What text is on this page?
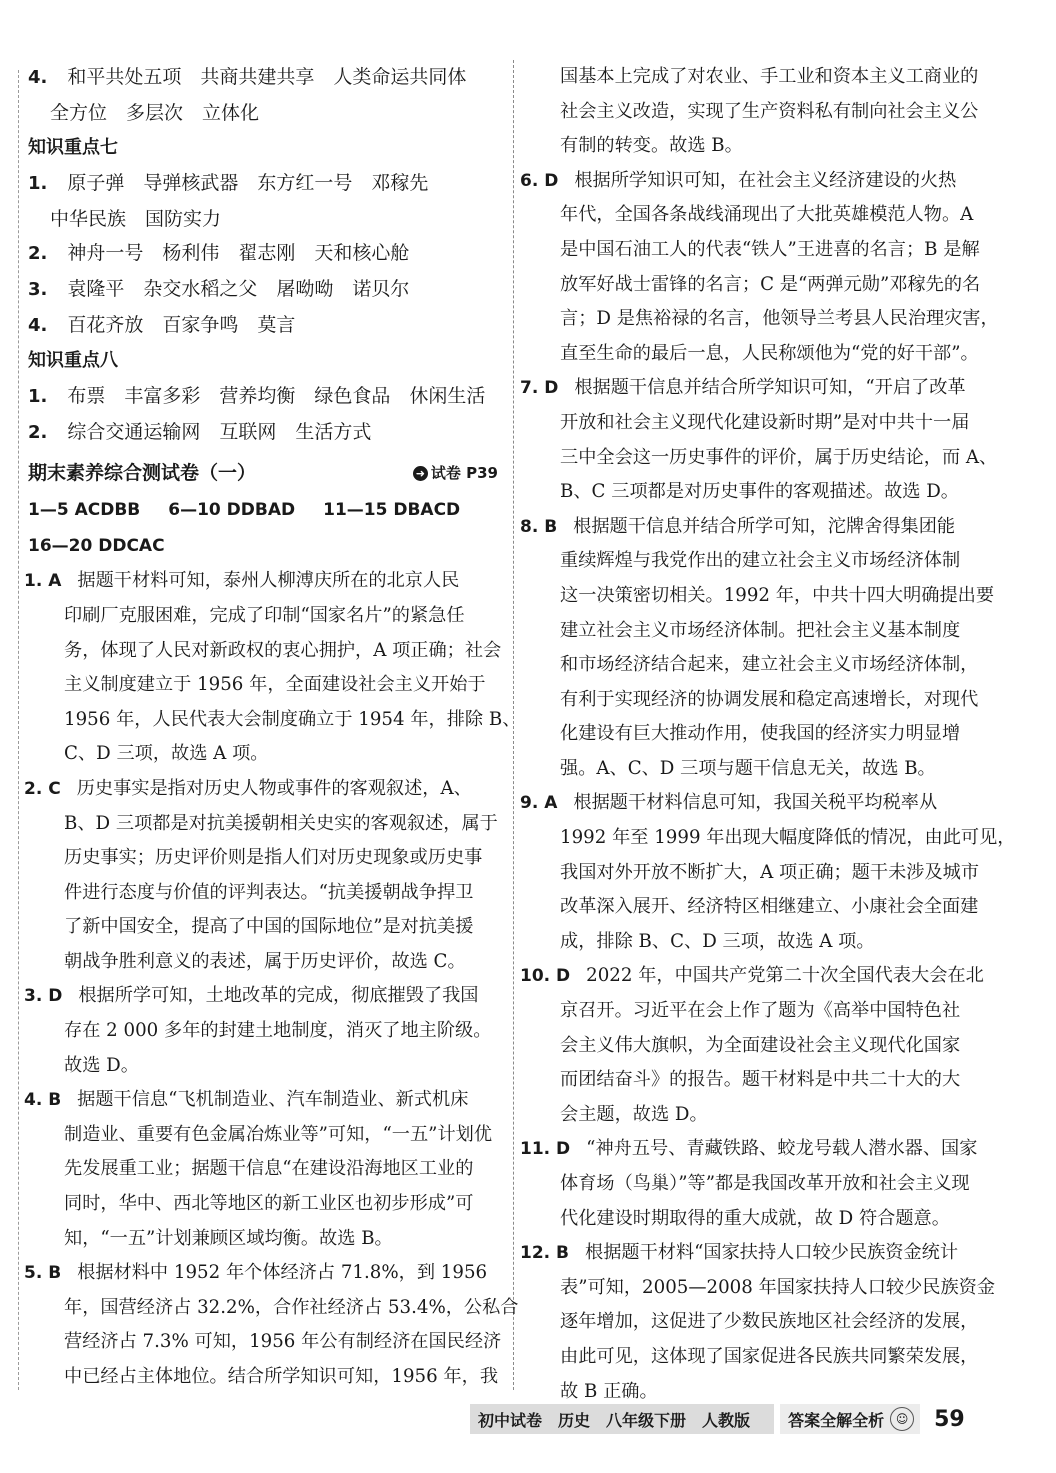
4. 和平共处五项　共商共建共享　人类命运共同体
全方位　多层次　立体化
知识重点七
1. 原子弹　导弹核武器　东方红一号　邓稼先
中华民族　国防实力
2. 神舟一号　杨利伟　翟志刚　天和核心舱
3. 袁隆平　杂交水稻之父　屠呦呦　诺贝尔
4. 百花齐放　百家争鸣　莫言
知识重点八
1. 布票　丰富多彩　营养均衡　绿色食品　休闲生活
2. 综合交通运输网　互联网　生活方式
期末素养综合测试卷（一）	➜ 试卷 P39
1—5 ACDBB 6—10 DDBAD 11—15 DBACD
16—20 DDCAC
1. A 据题干材料可知，泰州人柳溥庆所在的北京人民
印刷厂克服困难，完成了印制“国家名片”的紧急任
务，体现了人民对新政权的衷心拥护，A 项正确；社会
主义制度建立于 1956 年，全面建设社会主义开始于
1956 年，人民代表大会制度确立于 1954 年，排除 B、
C、D 三项，故选 A 项。
2. C 历史事实是指对历史人物或事件的客观叙述，A、
B、D 三项都是对抗美援朝相关史实的客观叙述，属于
历史事实；历史评价则是指人们对历史现象或历史事
件进行态度与价值的评判表达。“抗美援朝战争捍卫
了新中国安全，提高了中国的国际地位”是对抗美援
朝战争胜利意义的表述，属于历史评价，故选 C。
3. D 根据所学可知，土地改革的完成，彻底摧毁了我国
存在 2 000 多年的封建土地制度，消灭了地主阶级。
故选 D。
4. B 据题干信息“飞机制造业、汽车制造业、新式机床
制造业、重要有色金属冶炼业等”可知，“一五”计划优
先发展重工业；据题干信息“在建设沿海地区工业的
同时，华中、西北等地区的新工业区也初步形成”可
知，“一五”计划兼顾区域均衡。故选 B。
5. B 根据材料中 1952 年个体经济占 71.8%，到 1956
年，国营经济占 32.2%，合作社经济占 53.4%，公私合
营经济占 7.3% 可知，1956 年公有制经济在国民经济
中已经占主体地位。结合所学知识可知，1956 年，我
国基本上完成了对农业、手工业和资本主义工商业的
社会主义改造，实现了生产资料私有制向社会主义公
有制的转变。故选 B。
6. D 根据所学知识可知，在社会主义经济建设的火热
年代，全国各条战线涌现出了大批英雄模范人物。A
是中国石油工人的代表“铁人”王进喜的名言；B 是解
放军好战士雷锋的名言；C 是“两弹元勋”邓稼先的名
言；D 是焦裕禄的名言，他领导兰考县人民治理灾害，
直至生命的最后一息，人民称颂他为“党的好干部”。
7. D 根据题干信息并结合所学知识可知，“开启了改革
开放和社会主义现代化建设新时期”是对中共十一届
三中全会这一历史事件的评价，属于历史结论，而 A、
B、C 三项都是对历史事件的客观描述。故选 D。
8. B 根据题干信息并结合所学可知，沱牌舍得集团能
重续辉煌与我党作出的建立社会主义市场经济体制
这一决策密切相关。1992 年，中共十四大明确提出要
建立社会主义市场经济体制。把社会主义基本制度
和市场经济结合起来，建立社会主义市场经济体制，
有利于实现经济的协调发展和稳定高速增长，对现代
化建设有巨大推动作用，使我国的经济实力明显增
强。A、C、D 三项与题干信息无关，故选 B。
9. A 根据题干材料信息可知，我国关税平均税率从
1992 年至 1999 年出现大幅度降低的情况，由此可见，
我国对外开放不断扩大，A 项正确；题干未涉及城市
改革深入展开、经济特区相继建立、小康社会全面建
成，排除 B、C、D 三项，故选 A 项。
10. D 2022 年，中国共产党第二十次全国代表大会在北
京召开。习近平在会上作了题为《高举中国特色社
会主义伟大旗帜，为全面建设社会主义现代化国家
而团结奋斗》的报告。题干材料是中共二十大的大
会主题，故选 D。
11. D “神舟五号、青藏铁路、蛟龙号载人潜水器、国家
体育场（鸟巢）”等”都是我国改革开放和社会主义现
代化建设时期取得的重大成就，故 D 符合题意。
12. B 根据题干材料“国家扶持人口较少民族资金统计
表”可知，2005—2008 年国家扶持人口较少民族资金
逐年增加，这促进了少数民族地区社会经济的发展，
由此可见，这体现了国家促进各民族共同繁荣发展，
故 B 正确。
初中试卷 历史 八年级下册 人教版 答案全解全析 ☺ 59
